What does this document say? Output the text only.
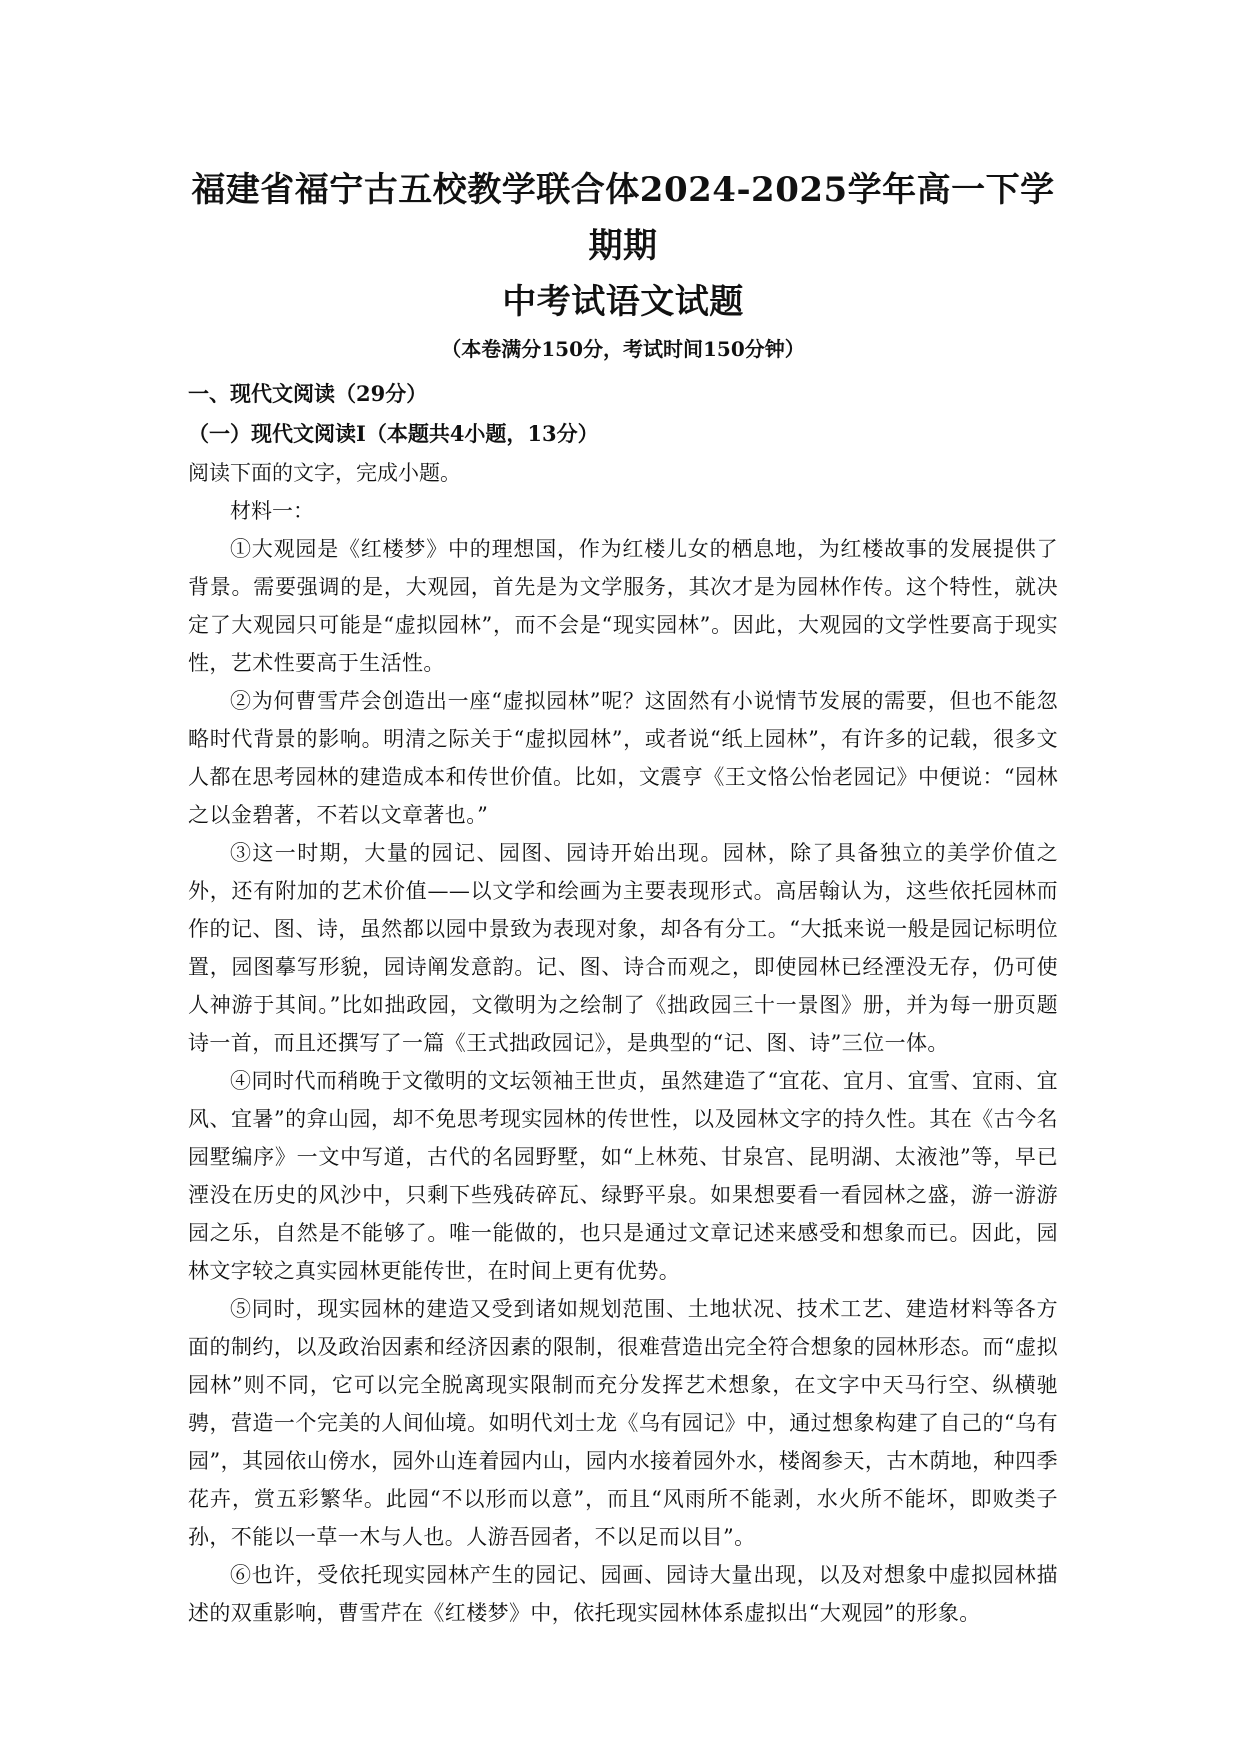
福建省福宁古五校教学联合体2024-2025学年高一下学期期
中考试语文试题

（本卷满分150分，考试时间150分钟）

一、现代文阅读（29分）

（一）现代文阅读Ⅰ（本题共4小题，13分）

阅读下面的文字，完成小题。

材料一：

①大观园是《红楼梦》中的理想国，作为红楼儿女的栖息地，为红楼故事的发展提供了背景。需要强调的是，大观园，首先是为文学服务，其次才是为园林作传。这个特性，就决定了大观园只可能是“虚拟园林”，而不会是“现实园林”。因此，大观园的文学性要高于现实性，艺术性要高于生活性。

②为何曹雪芹会创造出一座“虚拟园林”呢？这固然有小说情节发展的需要，但也不能忽略时代背景的影响。明清之际关于“虚拟园林”，或者说“纸上园林”，有许多的记载，很多文人都在思考园林的建造成本和传世价值。比如，文震亨《王文恪公怡老园记》中便说：“园林之以金碧著，不若以文章著也。”

③这一时期，大量的园记、园图、园诗开始出现。园林，除了具备独立的美学价值之外，还有附加的艺术价值——以文学和绘画为主要表现形式。高居翰认为，这些依托园林而作的记、图、诗，虽然都以园中景致为表现对象，却各有分工。“大抵来说一般是园记标明位置，园图摹写形貌，园诗阐发意韵。记、图、诗合而观之，即使园林已经湮没无存，仍可使人神游于其间。”比如拙政园，文徵明为之绘制了《拙政园三十一景图》册，并为每一册页题诗一首，而且还撰写了一篇《王式拙政园记》，是典型的“记、图、诗”三位一体。

④同时代而稍晚于文徵明的文坛领袖王世贞，虽然建造了“宜花、宜月、宜雪、宜雨、宜风、宜暑”的弇山园，却不免思考现实园林的传世性，以及园林文字的持久性。其在《古今名园墅编序》一文中写道，古代的名园野墅，如“上林苑、甘泉宫、昆明湖、太液池”等，早已湮没在历史的风沙中，只剩下些残砖碎瓦、绿野平泉。如果想要看一看园林之盛，游一游游园之乐，自然是不能够了。唯一能做的，也只是通过文章记述来感受和想象而已。因此，园林文字较之真实园林更能传世，在时间上更有优势。

⑤同时，现实园林的建造又受到诸如规划范围、土地状况、技术工艺、建造材料等各方面的制约，以及政治因素和经济因素的限制，很难营造出完全符合想象的园林形态。而“虚拟园林”则不同，它可以完全脱离现实限制而充分发挥艺术想象，在文字中天马行空、纵横驰骋，营造一个完美的人间仙境。如明代刘士龙《乌有园记》中，通过想象构建了自己的“乌有园”，其园依山傍水，园外山连着园内山，园内水接着园外水，楼阁参天，古木荫地，种四季花卉，赏五彩繁华。此园“不以形而以意”，而且“风雨所不能剥，水火所不能坏，即败类子孙，不能以一草一木与人也。人游吾园者，不以足而以目”。

⑥也许，受依托现实园林产生的园记、园画、园诗大量出现，以及对想象中虚拟园林描述的双重影响，曹雪芹在《红楼梦》中，依托现实园林体系虚拟出“大观园”的形象。
